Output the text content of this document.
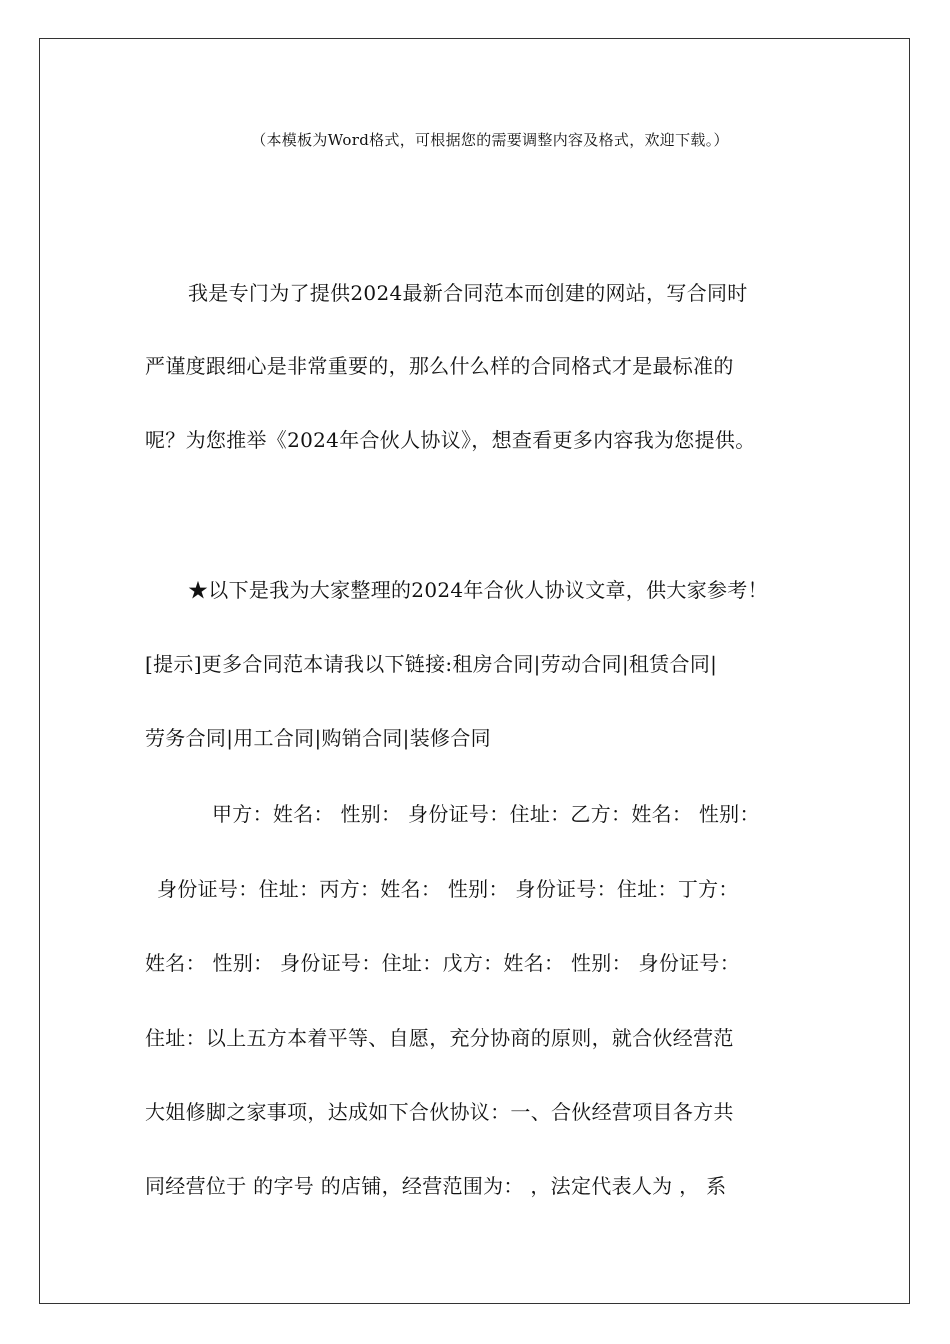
（本模板为Word格式，可根据您的需要调整内容及格式，欢迎下载。）
我是专门为了提供2024最新合同范本而创建的网站，写合同时
严谨度跟细心是非常重要的，那么什么样的合同格式才是最标准的
呢？为您推举《2024年合伙人协议》，想查看更多内容我为您提供。
★以下是我为大家整理的2024年合伙人协议文章，供大家参考！
[提示]更多合同范本请我以下链接:租房合同|劳动合同|租赁合同|
劳务合同|用工合同|购销合同|装修合同
甲方：姓名： 性别： 身份证号：住址：乙方：姓名： 性别：
身份证号：住址：丙方：姓名： 性别： 身份证号：住址：丁方：
姓名： 性别： 身份证号：住址：戊方：姓名： 性别： 身份证号：
住址：以上五方本着平等、自愿，充分协商的原则，就合伙经营范
大姐修脚之家事项，达成如下合伙协议：一、合伙经营项目各方共
同经营位于 的字号 的店铺，经营范围为： ，法定代表人为 ， 系
